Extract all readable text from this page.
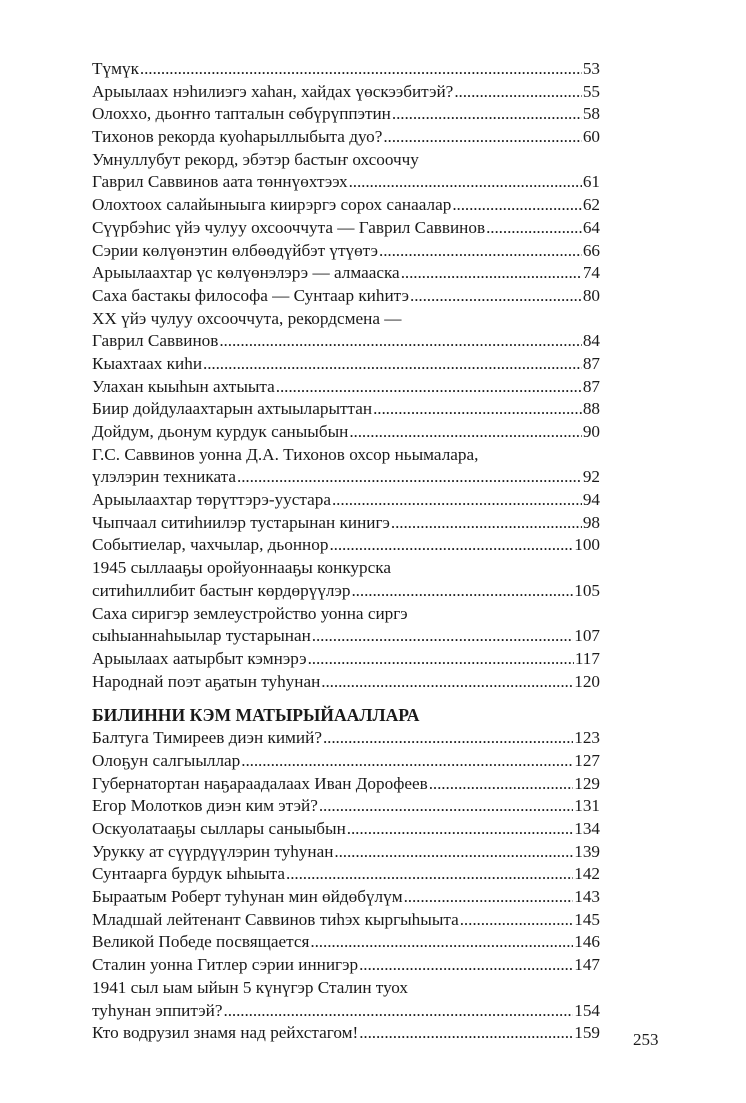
Түмүк . . .	53
Арыылаах нэһилиэгэ хаһан, хайдах үөскээбитэй? . . .	55
Олохxo, дьоҥҥо тапталын сөбүрүппэтин . . .	58
Тихонов рекорда куоһарыллыбыта дуо? . . .	60
Умнуллубут рекорд, эбэтэр бастыҥ охсооччу
Гаврил Саввинов аата төннүөхтээх . . .	61
Олохтоох салайыныыга киирэргэ сорох санаалар . . .	62
Сүүрбэһис үйэ чулуу охсооччута — Гаврил Саввинов . . .	64
Сэрии көлүөнэтин өлбөөдүйбэт үтүөтэ . . .	66
Арыылаахтар үс көлүөнэлэрэ — алмааска . . .	74
Саха бастакы философа — Сунтаар киһитэ . . .	80
XX үйэ чулуу охсооччута, рекордсмена —
Гаврил Саввинов . . .	84
Кыахтаах киһи . . .	87
Улахан кыыһын ахтыыта . . .	87
Биир дойдулаахтарын ахтыыларыттан . . .	88
Дойдум, дьонум курдук саныыбын . . .	90
Г.С. Саввинов уонна Д.А. Тихонов охсор ньымалара,
үлэлэрин техниката . . .	92
Арыылаахтар төрүттэрэ-уустара . . .	94
Чыпчаал ситиһиилэр тустарынан кинигэ . . .	98
Событиелар, чахчылар, дьоннор . . .	100
1945 сыллааҕы оройуоннааҕы конкурска
ситиһиллибит бастыҥ көрдөрүүлэр . . .	105
Саха сиригэр землеустройство уонна сиргэ
сыһыаннаһыылар тустарынан . . .	107
Арыылаах аатырбыт кэмнэрэ . . .	117
Народнай поэт аҕатын туһунан . . .	120
БИЛИННИ КЭМ МАТЫРЫЙААЛЛАРА
Балтуга Тимиреев диэн кимий? . . .	123
Олоҕун салгыыллар . . .	127
Губернатортан наҕараадалаах Иван Дорофеев . . .	129
Егор Молотков диэн ким этэй? . . .	131
Оскуолатааҕы сыллары саныыбын . . .	134
Урукку ат сүүрдүүлэрин туһунан . . .	139
Сунтаарга бурдук ыһыыта . . .	142
Быраатым Роберт туһунан мин өйдөбүлүм . . .	143
Младшай лейтенант Саввинов тиһэх кыргыһыыта . . .	145
Великой Победе посвящается . . .	146
Сталин уонна Гитлер сэрии иннигэр . . .	147
1941 сыл ыам ыйын 5 күнүгэр Сталин туох
туһунан эппитэй? . . .	154
Кто водрузил знамя над рейхстагом! . . .	159 253
